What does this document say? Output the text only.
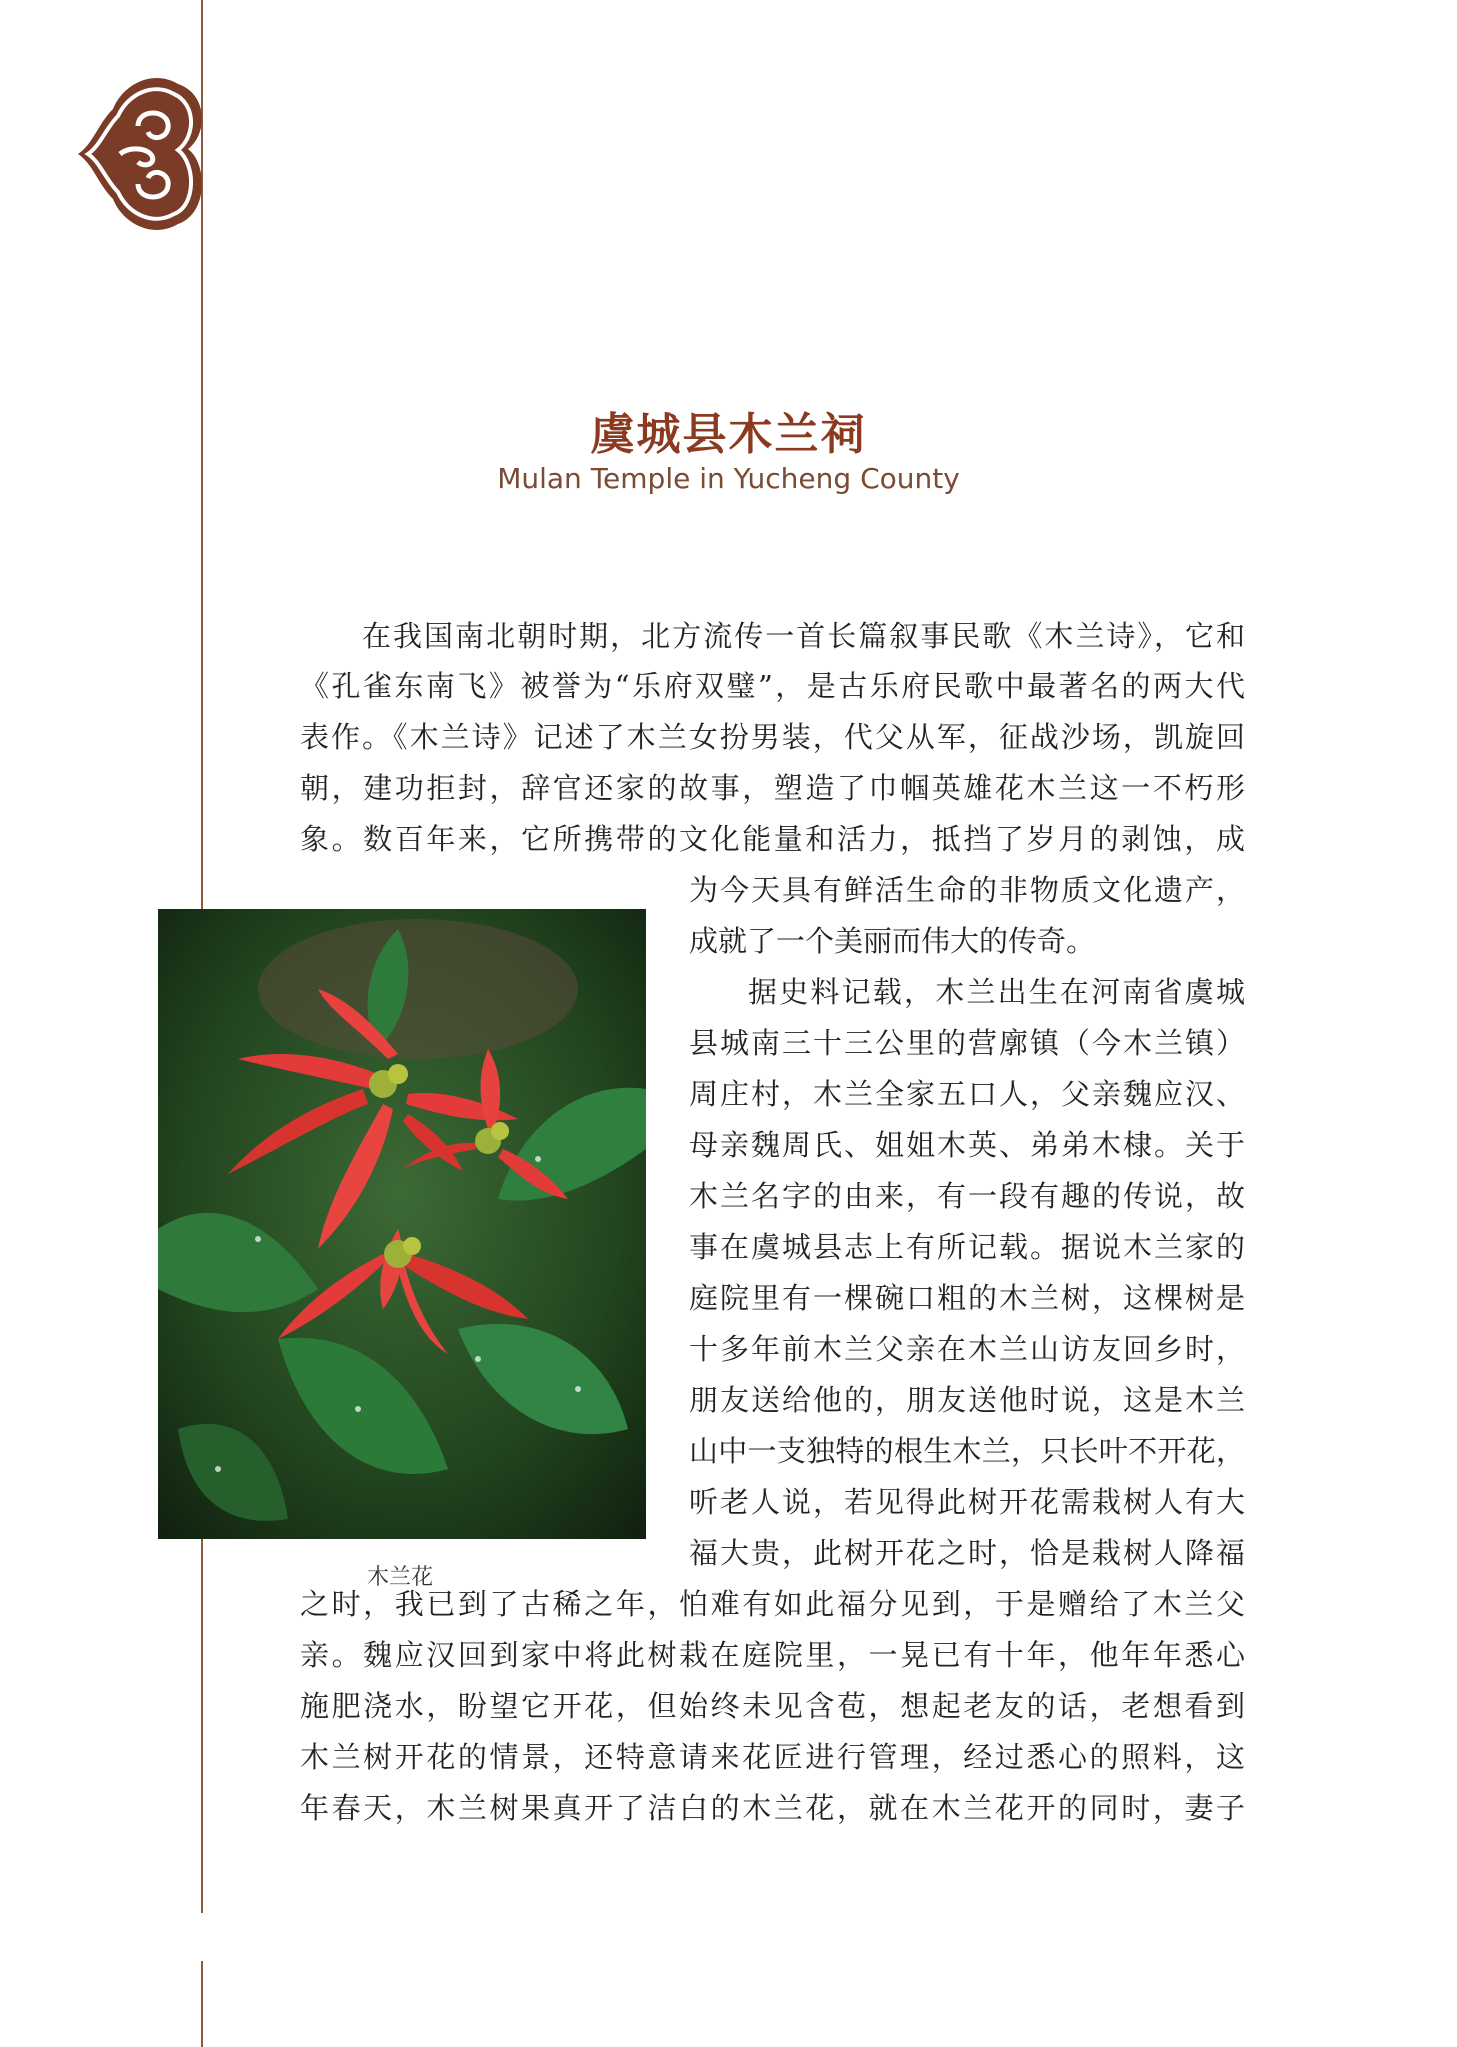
虞城县木兰祠
Mulan Temple in Yucheng County
在我国南北朝时期，北方流传一首长篇叙事民歌《木兰诗》，它和
《孔雀东南飞》被誉为“乐府双璧”，是古乐府民歌中最著名的两大代
表作。《木兰诗》记述了木兰女扮男装，代父从军，征战沙场，凯旋回
朝，建功拒封，辞官还家的故事，塑造了巾帼英雄花木兰这一不朽形
象。数百年来，它所携带的文化能量和活力，抵挡了岁月的剥蚀，成
为今天具有鲜活生命的非物质文化遗产，
成就了一个美丽而伟大的传奇。
据史料记载，木兰出生在河南省虞城
县城南三十三公里的营廓镇（今木兰镇）
周庄村，木兰全家五口人，父亲魏应汉、
母亲魏周氏、姐姐木英、弟弟木棣。关于
木兰名字的由来，有一段有趣的传说，故
事在虞城县志上有所记载。据说木兰家的
庭院里有一棵碗口粗的木兰树，这棵树是
十多年前木兰父亲在木兰山访友回乡时，
朋友送给他的，朋友送他时说，这是木兰
山中一支独特的根生木兰，只长叶不开花，
听老人说，若见得此树开花需栽树人有大
福大贵，此树开花之时，恰是栽树人降福
之时，我已到了古稀之年，怕难有如此福分见到，于是赠给了木兰父
亲。魏应汉回到家中将此树栽在庭院里，一晃已有十年，他年年悉心
施肥浇水，盼望它开花，但始终未见含苞，想起老友的话，老想看到
木兰树开花的情景，还特意请来花匠进行管理，经过悉心的照料，这
年春天，木兰树果真开了洁白的木兰花，就在木兰花开的同时，妻子
木兰花
